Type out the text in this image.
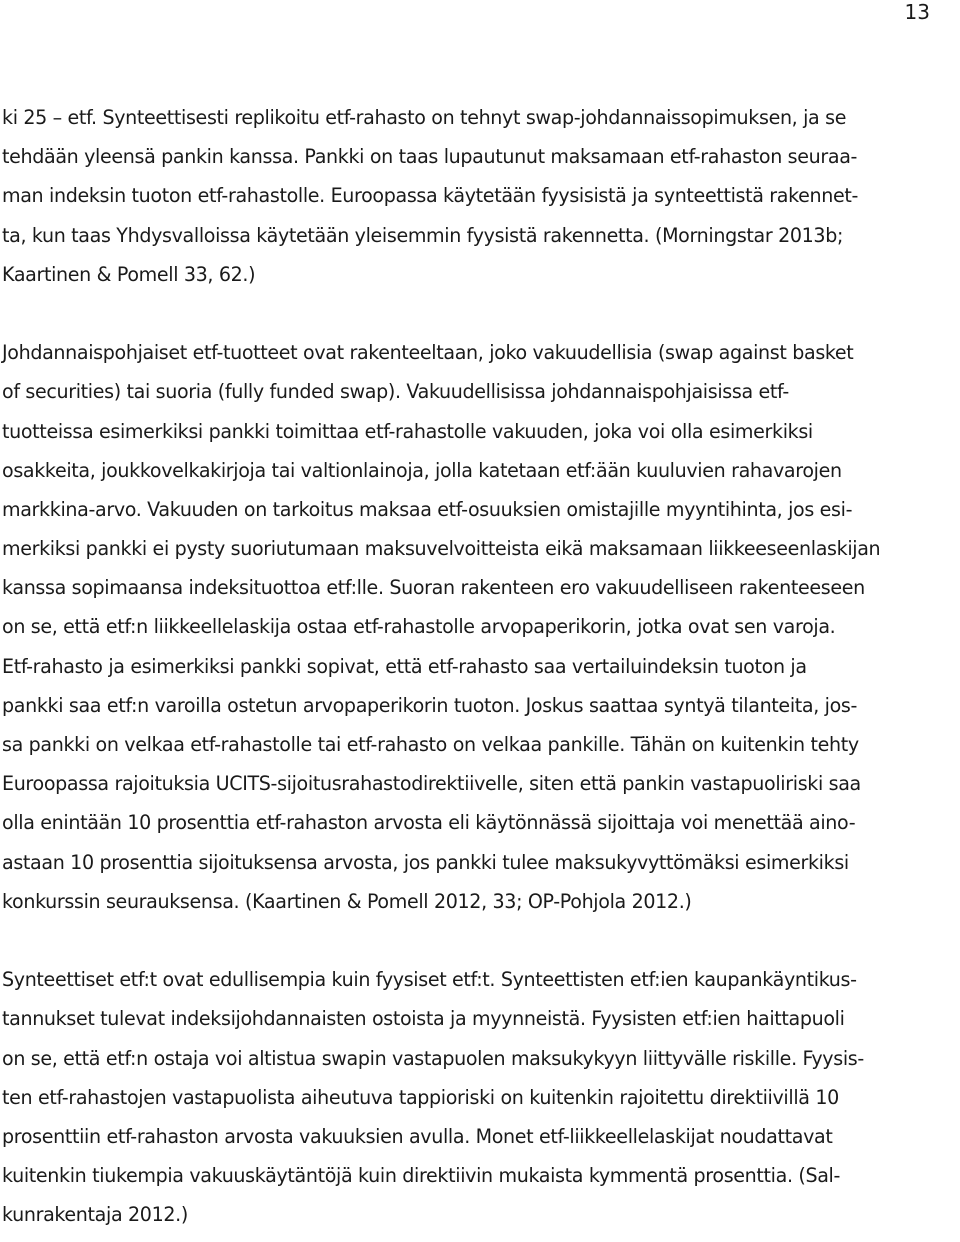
13
ki 25 – etf. Synteettisesti replikoitu etf-rahasto on tehnyt swap-johdannaissopimuksen, ja se
tehdään yleensä pankin kanssa. Pankki on taas lupautunut maksamaan etf-rahaston seuraa-
man indeksin tuoton etf-rahastolle. Euroopassa käytetään fyysisistä ja synteettistä rakennet-
ta, kun taas Yhdysvalloissa käytetään yleisemmin fyysistä rakennetta. (Morningstar 2013b;
Kaartinen & Pomell 33, 62.)
Johdannaispohjaiset etf-tuotteet ovat rakenteeltaan, joko vakuudellisia (swap against basket
of securities) tai suoria (fully funded swap). Vakuudellisissa johdannaispohjaisissa etf-
tuotteissa esimerkiksi pankki toimittaa etf-rahastolle vakuuden, joka voi olla esimerkiksi
osakkeita, joukkovelkakirjoja tai valtionlainoja, jolla katetaan etf:ään kuuluvien rahavarojen
markkina-arvo. Vakuuden on tarkoitus maksaa etf-osuuksien omistajille myyntihinta, jos esi-
merkiksi pankki ei pysty suoriutumaan maksuvelvoitteista eikä maksamaan liikkeeseenlaskijan
kanssa sopimaansa indeksituottoa etf:lle. Suoran rakenteen ero vakuudelliseen rakenteeseen
on se, että etf:n liikkeellelaskija ostaa etf-rahastolle arvopaperikorin, jotka ovat sen varoja.
Etf-rahasto ja esimerkiksi pankki sopivat, että etf-rahasto saa vertailuindeksin tuoton ja
pankki saa etf:n varoilla ostetun arvopaperikorin tuoton. Joskus saattaa syntyä tilanteita, jos-
sa pankki on velkaa etf-rahastolle tai etf-rahasto on velkaa pankille. Tähän on kuitenkin tehty
Euroopassa rajoituksia UCITS-sijoitusrahastodirektiivelle, siten että pankin vastapuoliriski saa
olla enintään 10 prosenttia etf-rahaston arvosta eli käytönnässä sijoittaja voi menettää aino-
astaan 10 prosenttia sijoituksensa arvosta, jos pankki tulee maksukyvyttömäksi esimerkiksi
konkurssin seurauksensa. (Kaartinen & Pomell 2012, 33; OP-Pohjola 2012.)
Synteettiset etf:t ovat edullisempia kuin fyysiset etf:t. Synteettisten etf:ien kaupankäyntikus-
tannukset tulevat indeksijohdannaisten ostoista ja myynneistä. Fyysisten etf:ien haittapuoli
on se, että etf:n ostaja voi altistua swapin vastapuolen maksukykyyn liittyvälle riskille. Fyysis-
ten etf-rahastojen vastapuolista aiheutuva tappioriski on kuitenkin rajoitettu direktiivillä 10
prosenttiin etf-rahaston arvosta vakuuksien avulla. Monet etf-liikkeellelaskijat noudattavat
kuitenkin tiukempia vakuuskäytäntöjä kuin direktiivin mukaista kymmentä prosenttia. (Sal-
kunrakentaja 2012.)
